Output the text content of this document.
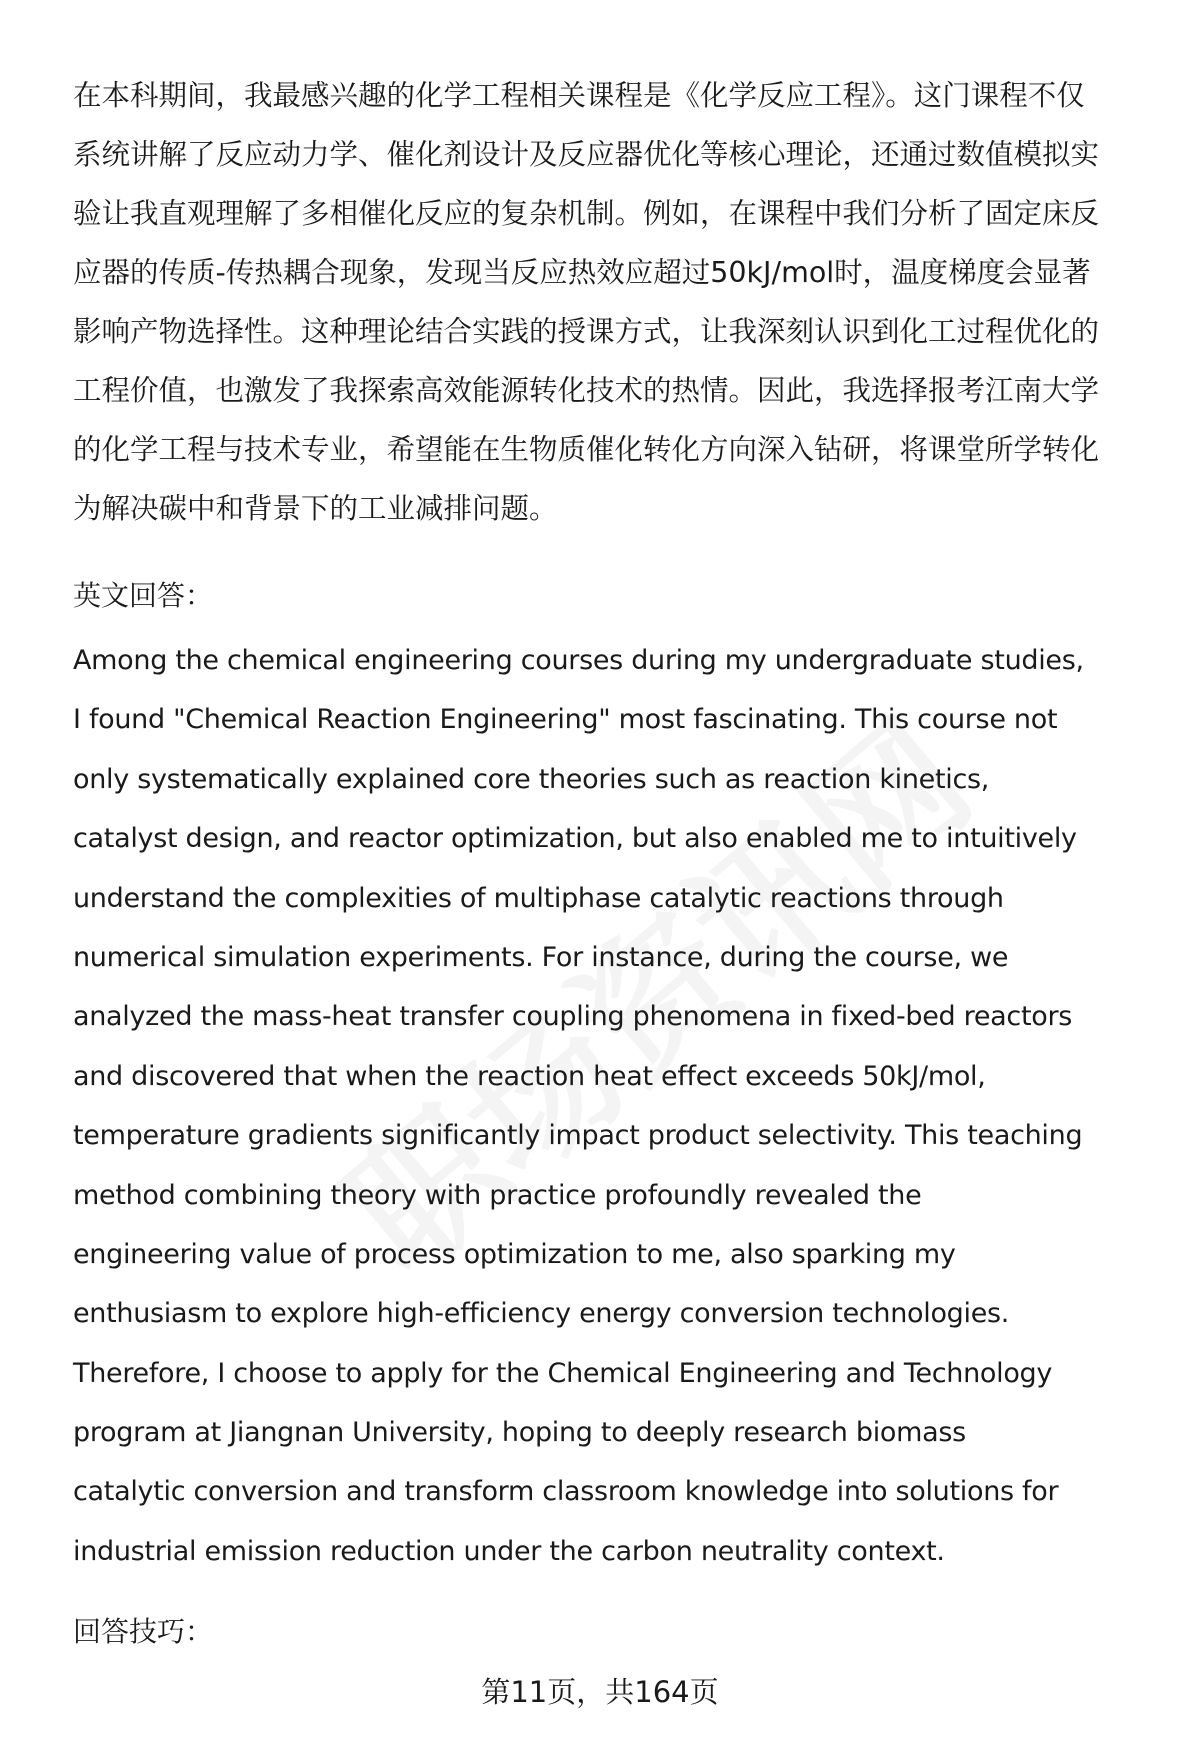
在本科期间，我最感兴趣的化学工程相关课程是《化学反应工程》。这门课程不仅
系统讲解了反应动力学、催化剂设计及反应器优化等核心理论，还通过数值模拟实
验让我直观理解了多相催化反应的复杂机制。例如，在课程中我们分析了固定床反
应器的传质-传热耦合现象，发现当反应热效应超过50kJ/mol时，温度梯度会显著
影响产物选择性。这种理论结合实践的授课方式，让我深刻认识到化工过程优化的
工程价值，也激发了我探索高效能源转化技术的热情。因此，我选择报考江南大学
的化学工程与技术专业，希望能在生物质催化转化方向深入钻研，将课堂所学转化
为解决碳中和背景下的工业减排问题。
英文回答：
Among the chemical engineering courses during my undergraduate studies,
I found "Chemical Reaction Engineering" most fascinating. This course not
only systematically explained core theories such as reaction kinetics,
catalyst design, and reactor optimization, but also enabled me to intuitively
understand the complexities of multiphase catalytic reactions through
numerical simulation experiments. For instance, during the course, we
analyzed the mass-heat transfer coupling phenomena in fixed-bed reactors
and discovered that when the reaction heat effect exceeds 50kJ/mol,
temperature gradients significantly impact product selectivity. This teaching
method combining theory with practice profoundly revealed the
engineering value of process optimization to me, also sparking my
enthusiasm to explore high-efficiency energy conversion technologies.
Therefore, I choose to apply for the Chemical Engineering and Technology
program at Jiangnan University, hoping to deeply research biomass
catalytic conversion and transform classroom knowledge into solutions for
industrial emission reduction under the carbon neutrality context.
回答技巧：
第11页，共164页
